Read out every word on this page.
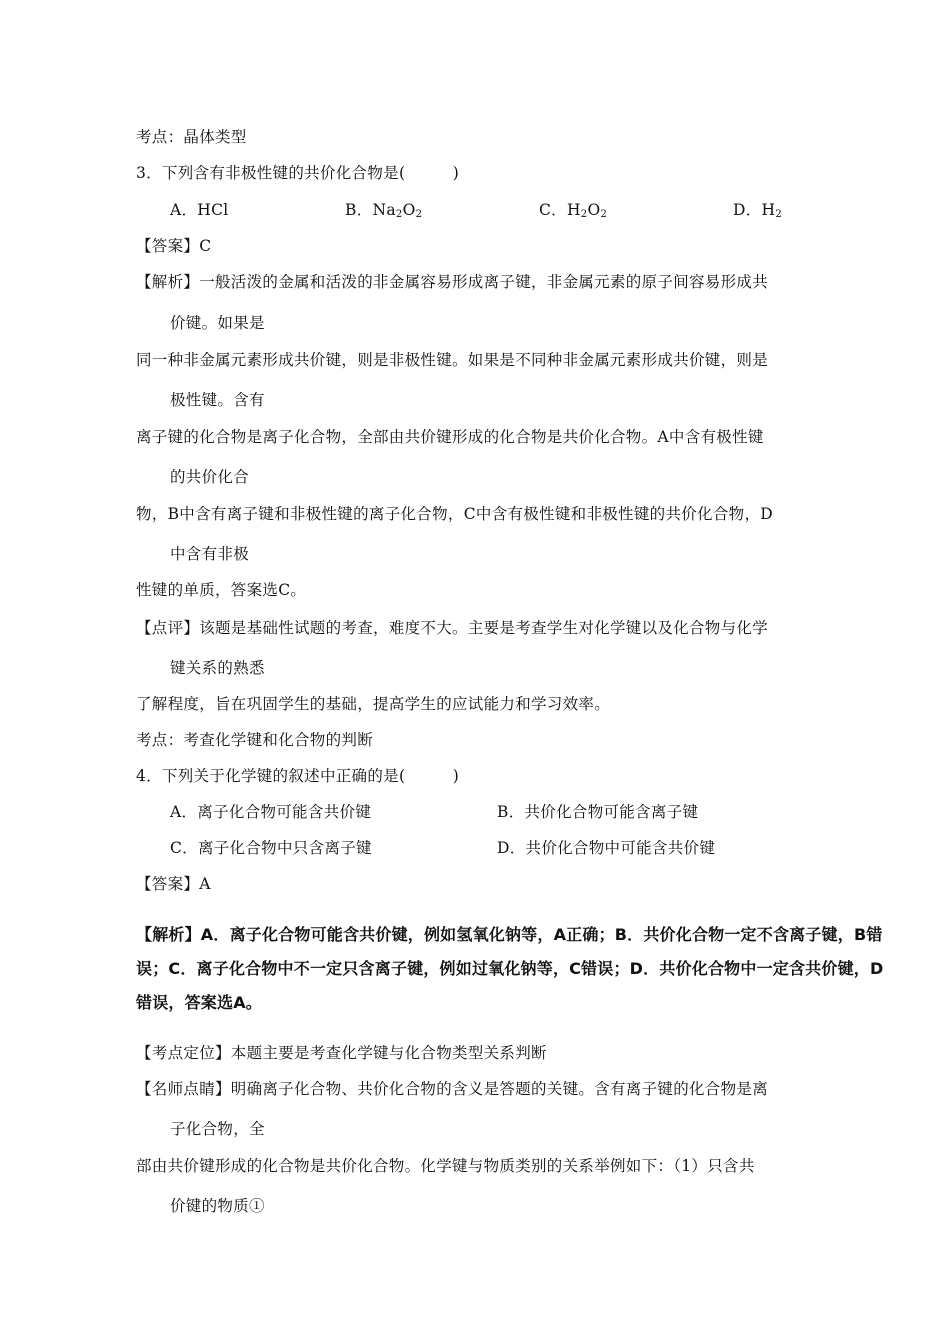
考点：晶体类型
3．下列含有非极性键的共价化合物是(　　　)
A．HCl	B．$Na_2O_2$	C．$H_2O_2$	D．$H_2$
【答案】C
【解析】一般活泼的金属和活泼的非金属容易形成离子键，非金属元素的原子间容易形成共
价键。如果是
同一种非金属元素形成共价键，则是非极性键。如果是不同种非金属元素形成共价键，则是
极性键。含有
离子键的化合物是离子化合物，全部由共价键形成的化合物是共价化合物。A中含有极性键
的共价化合
物，B中含有离子键和非极性键的离子化合物，C中含有极性键和非极性键的共价化合物，D
中含有非极
性键的单质，答案选C。
【点评】该题是基础性试题的考查，难度不大。主要是考查学生对化学键以及化合物与化学
键关系的熟悉
了解程度，旨在巩固学生的基础，提高学生的应试能力和学习效率。
考点：考查化学键和化合物的判断
4．下列关于化学键的叙述中正确的是(　　　)
A．离子化合物可能含共价键	B．共价化合物可能含离子键
C．离子化合物中只含离子键	D．共价化合物中可能含共价键
【答案】A
【解析】A．离子化合物可能含共价键，例如氢氧化钠等，A正确；B．共价化合物一定不含离子键，B错
误；C．离子化合物中不一定只含离子键，例如过氧化钠等，C错误；D．共价化合物中一定含共价键，D
错误，答案选A。
【考点定位】本题主要是考查化学键与化合物类型关系判断
【名师点睛】明确离子化合物、共价化合物的含义是答题的关键。含有离子键的化合物是离
子化合物，全
部由共价键形成的化合物是共价化合物。化学键与物质类别的关系举例如下：（1）只含共
价键的物质①
